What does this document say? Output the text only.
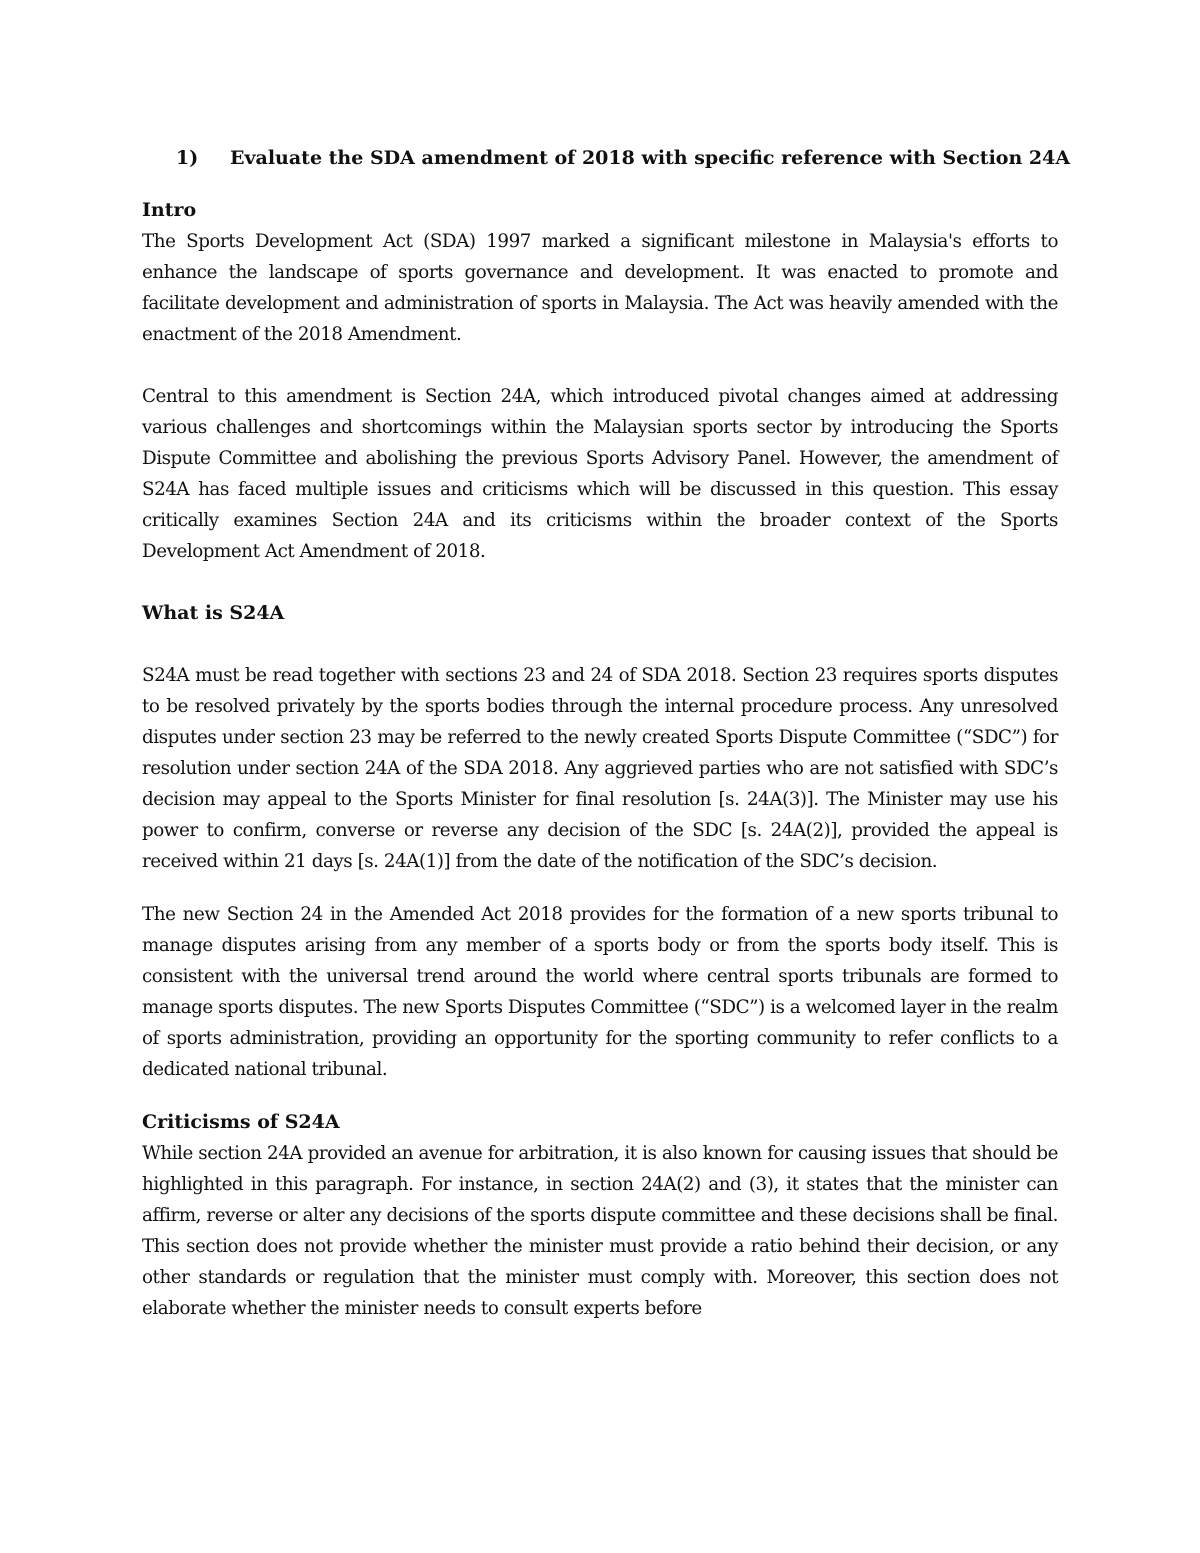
1) Evaluate the SDA amendment of 2018 with specific reference with Section 24A

Intro

The Sports Development Act (SDA) 1997 marked a significant milestone in Malaysia's efforts to enhance the landscape of sports governance and development. It was enacted to promote and facilitate development and administration of sports in Malaysia. The Act was heavily amended with the enactment of the 2018 Amendment.

Central to this amendment is Section 24A, which introduced pivotal changes aimed at addressing various challenges and shortcomings within the Malaysian sports sector by introducing the Sports Dispute Committee and abolishing the previous Sports Advisory Panel. However, the amendment of S24A has faced multiple issues and criticisms which will be discussed in this question. This essay critically examines Section 24A and its criticisms within the broader context of the Sports Development Act Amendment of 2018.

What is S24A

S24A must be read together with sections 23 and 24 of SDA 2018. Section 23 requires sports disputes to be resolved privately by the sports bodies through the internal procedure process. Any unresolved disputes under section 23 may be referred to the newly created Sports Dispute Committee (“SDC”) for resolution under section 24A of the SDA 2018. Any aggrieved parties who are not satisfied with SDC’s decision may appeal to the Sports Minister for final resolution [s. 24A(3)]. The Minister may use his power to confirm, converse or reverse any decision of the SDC [s. 24A(2)], provided the appeal is received within 21 days [s. 24A(1)] from the date of the notification of the SDC’s decision.

The new Section 24 in the Amended Act 2018 provides for the formation of a new sports tribunal to manage disputes arising from any member of a sports body or from the sports body itself. This is consistent with the universal trend around the world where central sports tribunals are formed to manage sports disputes. The new Sports Disputes Committee (“SDC”) is a welcomed layer in the realm of sports administration, providing an opportunity for the sporting community to refer conflicts to a dedicated national tribunal.

Criticisms of S24A

While section 24A provided an avenue for arbitration, it is also known for causing issues that should be highlighted in this paragraph. For instance, in section 24A(2) and (3), it states that the minister can affirm, reverse or alter any decisions of the sports dispute committee and these decisions shall be final. This section does not provide whether the minister must provide a ratio behind their decision, or any other standards or regulation that the minister must comply with. Moreover, this section does not elaborate whether the minister needs to consult experts before
